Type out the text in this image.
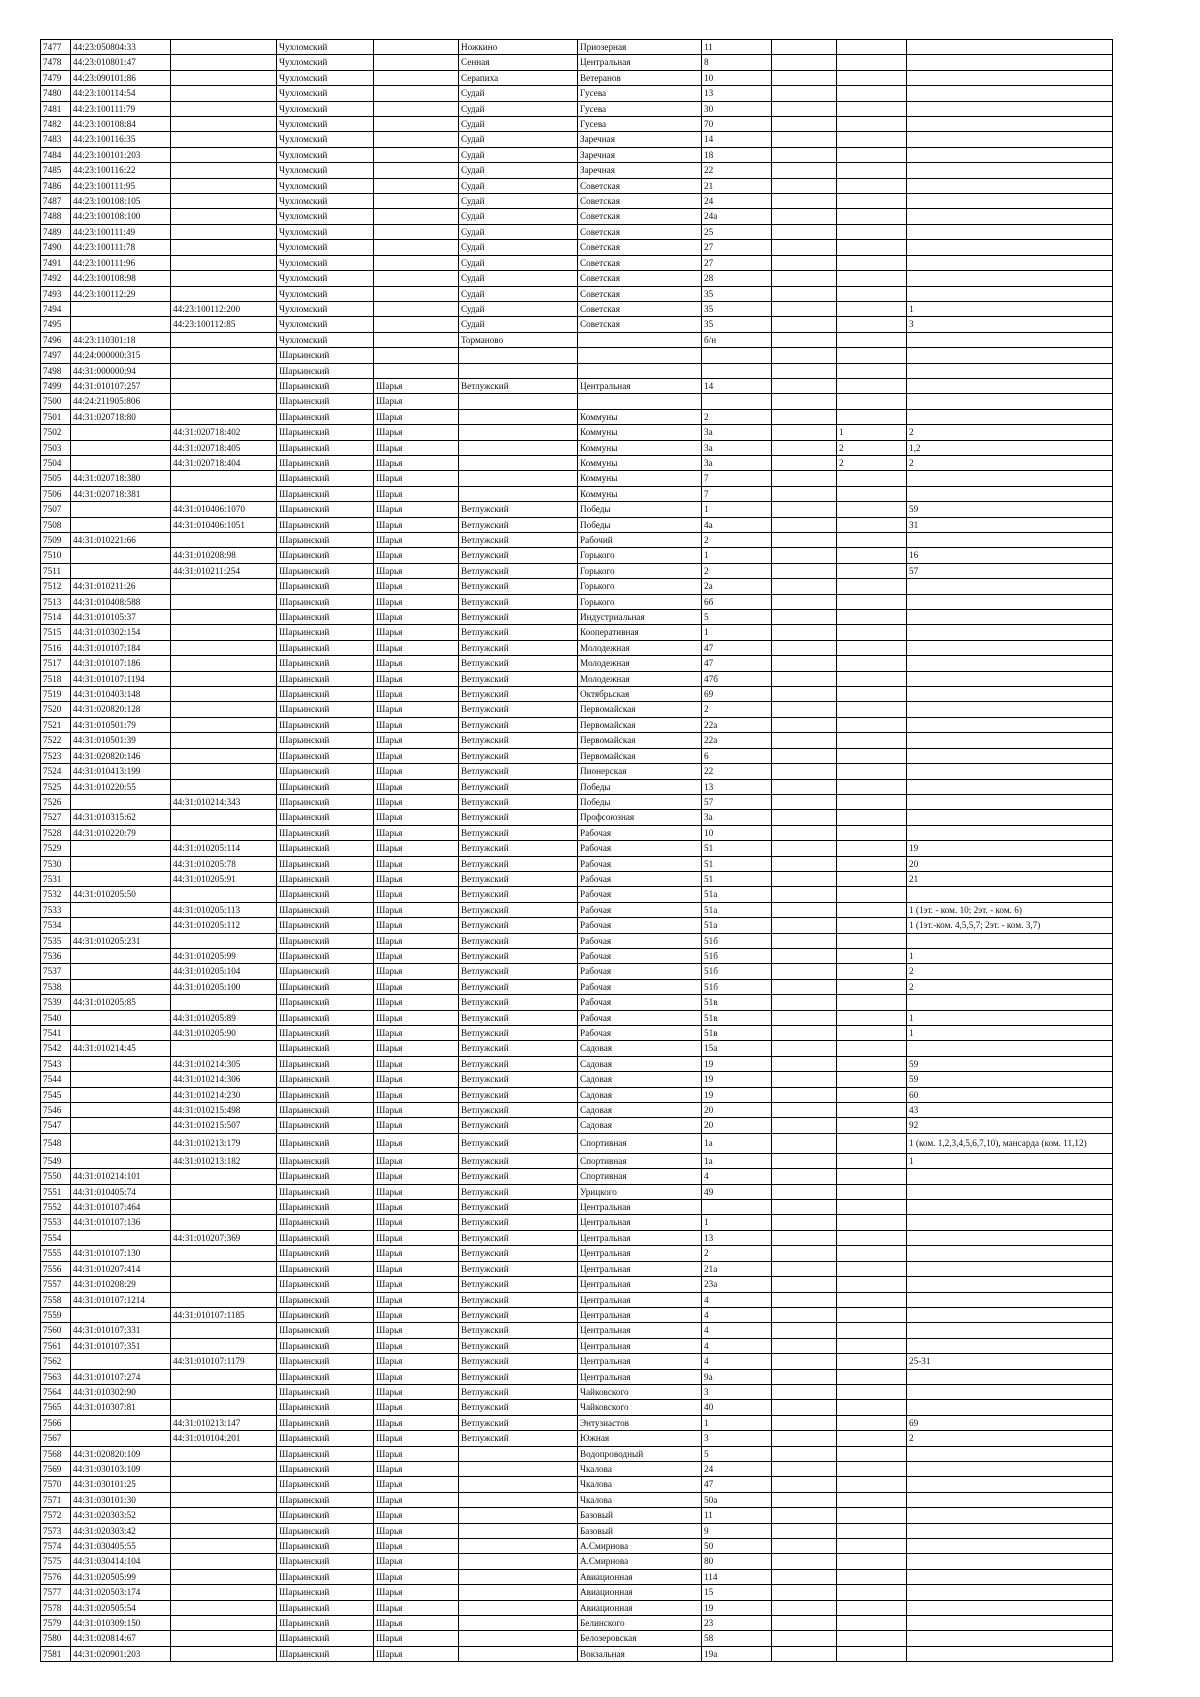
7477	44:23:050804:33		Чухломский		Ножкино	Приозерная	11			
7478	44:23:010801:47		Чухломский		Сенная	Центральная	8			
7479	44:23:090101:86		Чухломский		Серапиха	Ветеранов	10			
7480	44:23:100114:54		Чухломский		Судай	Гусева	13			
7481	44:23:100111:79		Чухломский		Судай	Гусева	30			
7482	44:23:100108:84		Чухломский		Судай	Гусева	70			
7483	44:23:100116:35		Чухломский		Судай	Заречная	14			
7484	44:23:100101:203		Чухломский		Судай	Заречная	18			
7485	44:23:100116:22		Чухломский		Судай	Заречная	22			
7486	44:23:100111:95		Чухломский		Судай	Советская	21			
7487	44:23:100108:105		Чухломский		Судай	Советская	24			
7488	44:23:100108:100		Чухломский		Судай	Советская	24а			
7489	44:23:100111:49		Чухломский		Судай	Советская	25			
7490	44:23:100111:78		Чухломский		Судай	Советская	27			
7491	44:23:100111:96		Чухломский		Судай	Советская	27			
7492	44:23:100108:98		Чухломский		Судай	Советская	28			
7493	44:23:100112:29		Чухломский		Судай	Советская	35			
7494		44:23:100112:200	Чухломский		Судай	Советская	35			1
7495		44:23:100112:85	Чухломский		Судай	Советская	35			3
7496	44:23:110301:18		Чухломский		Торманово		б/н			
7497	44:24:000000:315		Шарьинский							
7498	44:31:000000:94		Шарьинский							
7499	44:31:010107:257		Шарьинский	Шарья	Ветлужский	Центральная	14			
7500	44:24:211905:806		Шарьинский	Шарья						
7501	44:31:020718:80		Шарьинский	Шарья		Коммуны	2			
7502		44:31:020718:402	Шарьинский	Шарья		Коммуны	3а		1	2
7503		44:31:020718:405	Шарьинский	Шарья		Коммуны	3а		2	1,2
7504		44:31:020718:404	Шарьинский	Шарья		Коммуны	3а		2	2
7505	44:31:020718:380		Шарьинский	Шарья		Коммуны	7			
7506	44:31:020718:381		Шарьинский	Шарья		Коммуны	7			
7507		44:31:010406:1070	Шарьинский	Шарья	Ветлужский	Победы	1			59
7508		44:31:010406:1051	Шарьинский	Шарья	Ветлужский	Победы	4а			31
7509	44:31:010221:66		Шарьинский	Шарья	Ветлужский	Рабочий	2			
7510		44:31:010208:98	Шарьинский	Шарья	Ветлужский	Горького	1			16
7511		44:31:010211:254	Шарьинский	Шарья	Ветлужский	Горького	2			57
7512	44:31:010211:26		Шарьинский	Шарья	Ветлужский	Горького	2а			
7513	44:31:010408:588		Шарьинский	Шарья	Ветлужский	Горького	6б			
7514	44:31:010105:37		Шарьинский	Шарья	Ветлужский	Индустриальная	5			
7515	44:31:010302:154		Шарьинский	Шарья	Ветлужский	Кооперативная	1			
7516	44:31:010107:184		Шарьинский	Шарья	Ветлужский	Молодежная	47			
7517	44:31:010107:186		Шарьинский	Шарья	Ветлужский	Молодежная	47			
7518	44:31:010107:1194		Шарьинский	Шарья	Ветлужский	Молодежная	47б			
7519	44:31:010403:148		Шарьинский	Шарья	Ветлужский	Октябрьская	69			
7520	44:31:020820:128		Шарьинский	Шарья	Ветлужский	Первомайская	2			
7521	44:31:010501:79		Шарьинский	Шарья	Ветлужский	Первомайская	22а			
7522	44:31:010501:39		Шарьинский	Шарья	Ветлужский	Первомайская	22а			
7523	44:31:020820:146		Шарьинский	Шарья	Ветлужский	Первомайская	6			
7524	44:31:010413:199		Шарьинский	Шарья	Ветлужский	Пионерская	22			
7525	44:31:010220:55		Шарьинский	Шарья	Ветлужский	Победы	13			
7526		44:31:010214:343	Шарьинский	Шарья	Ветлужский	Победы	57			
7527	44:31:010315:62		Шарьинский	Шарья	Ветлужский	Профсоюзная	3а			
7528	44:31:010220:79		Шарьинский	Шарья	Ветлужский	Рабочая	10			
7529		44:31:010205:114	Шарьинский	Шарья	Ветлужский	Рабочая	51			19
7530		44:31:010205:78	Шарьинский	Шарья	Ветлужский	Рабочая	51			20
7531		44:31:010205:91	Шарьинский	Шарья	Ветлужский	Рабочая	51			21
7532	44:31:010205:50		Шарьинский	Шарья	Ветлужский	Рабочая	51а			
7533		44:31:010205:113	Шарьинский	Шарья	Ветлужский	Рабочая	51а			1 (1эт. - ком. 10; 2эт. - ком. 6)
7534		44:31:010205:112	Шарьинский	Шарья	Ветлужский	Рабочая	51а			1 (1эт.-ком. 4,5,5,7; 2эт. - ком. 3,7)
7535	44:31:010205:231		Шарьинский	Шарья	Ветлужский	Рабочая	51б			
7536		44:31:010205:99	Шарьинский	Шарья	Ветлужский	Рабочая	51б			1
7537		44:31:010205:104	Шарьинский	Шарья	Ветлужский	Рабочая	51б			2
7538		44:31:010205:100	Шарьинский	Шарья	Ветлужский	Рабочая	51б			2
7539	44:31:010205:85		Шарьинский	Шарья	Ветлужский	Рабочая	51в			
7540		44:31:010205:89	Шарьинский	Шарья	Ветлужский	Рабочая	51в			1
7541		44:31:010205:90	Шарьинский	Шарья	Ветлужский	Рабочая	51в			1
7542	44:31:010214:45		Шарьинский	Шарья	Ветлужский	Садовая	15а			
7543		44:31:010214:305	Шарьинский	Шарья	Ветлужский	Садовая	19			59
7544		44:31:010214:306	Шарьинский	Шарья	Ветлужский	Садовая	19			59
7545		44:31:010214:230	Шарьинский	Шарья	Ветлужский	Садовая	19			60
7546		44:31:010215:498	Шарьинский	Шарья	Ветлужский	Садовая	20			43
7547		44:31:010215:507	Шарьинский	Шарья	Ветлужский	Садовая	20			92
7548		44:31:010213:179	Шарьинский	Шарья	Ветлужский	Спортивная	1а			1 (ком. 1,2,3,4,5,6,7,10), мансарда (ком. 11,12)
7549		44:31:010213:182	Шарьинский	Шарья	Ветлужский	Спортивная	1а			1
7550	44:31:010214:101		Шарьинский	Шарья	Ветлужский	Спортивная	4			
7551	44:31:010405:74		Шарьинский	Шарья	Ветлужский	Урицкого	49			
7552	44:31:010107:464		Шарьинский	Шарья	Ветлужский	Центральная				
7553	44:31:010107:136		Шарьинский	Шарья	Ветлужский	Центральная	1			
7554		44:31:010207:369	Шарьинский	Шарья	Ветлужский	Центральная	13			
7555	44:31:010107:130		Шарьинский	Шарья	Ветлужский	Центральная	2			
7556	44:31:010207:414		Шарьинский	Шарья	Ветлужский	Центральная	21а			
7557	44:31:010208:29		Шарьинский	Шарья	Ветлужский	Центральная	23а			
7558	44:31:010107:1214		Шарьинский	Шарья	Ветлужский	Центральная	4			
7559		44:31:010107:1185	Шарьинский	Шарья	Ветлужский	Центральная	4			
7560	44:31:010107:331		Шарьинский	Шарья	Ветлужский	Центральная	4			
7561	44:31:010107:351		Шарьинский	Шарья	Ветлужский	Центральная	4			
7562		44:31:010107:1179	Шарьинский	Шарья	Ветлужский	Центральная	4			25-31
7563	44:31:010107:274		Шарьинский	Шарья	Ветлужский	Центральная	9а			
7564	44:31:010302:90		Шарьинский	Шарья	Ветлужский	Чайковского	3			
7565	44:31:010307:81		Шарьинский	Шарья	Ветлужский	Чайковского	40			
7566		44:31:010213:147	Шарьинский	Шарья	Ветлужский	Энтузиастов	1			69
7567		44:31:010104:201	Шарьинский	Шарья	Ветлужский	Южная	3			2
7568	44:31:020820:109		Шарьинский	Шарья		Водопроводный	5			
7569	44:31:030103:109		Шарьинский	Шарья		Чкалова	24			
7570	44:31:030101:25		Шарьинский	Шарья		Чкалова	47			
7571	44:31:030101:30		Шарьинский	Шарья		Чкалова	50а			
7572	44:31:020303:52		Шарьинский	Шарья		Базовый	11			
7573	44:31:020303:42		Шарьинский	Шарья		Базовый	9			
7574	44:31:030405:55		Шарьинский	Шарья		А.Смирнова	50			
7575	44:31:030414:104		Шарьинский	Шарья		А.Смирнова	80			
7576	44:31:020505:99		Шарьинский	Шарья		Авиационная	114			
7577	44:31:020503:174		Шарьинский	Шарья		Авиационная	15			
7578	44:31:020505:54		Шарьинский	Шарья		Авиационная	19			
7579	44:31:010309:150		Шарьинский	Шарья		Белинского	23			
7580	44:31:020814:67		Шарьинский	Шарья		Белозеровская	58			
7581	44:31:020901:203		Шарьинский	Шарья		Вокзальная	19а			
